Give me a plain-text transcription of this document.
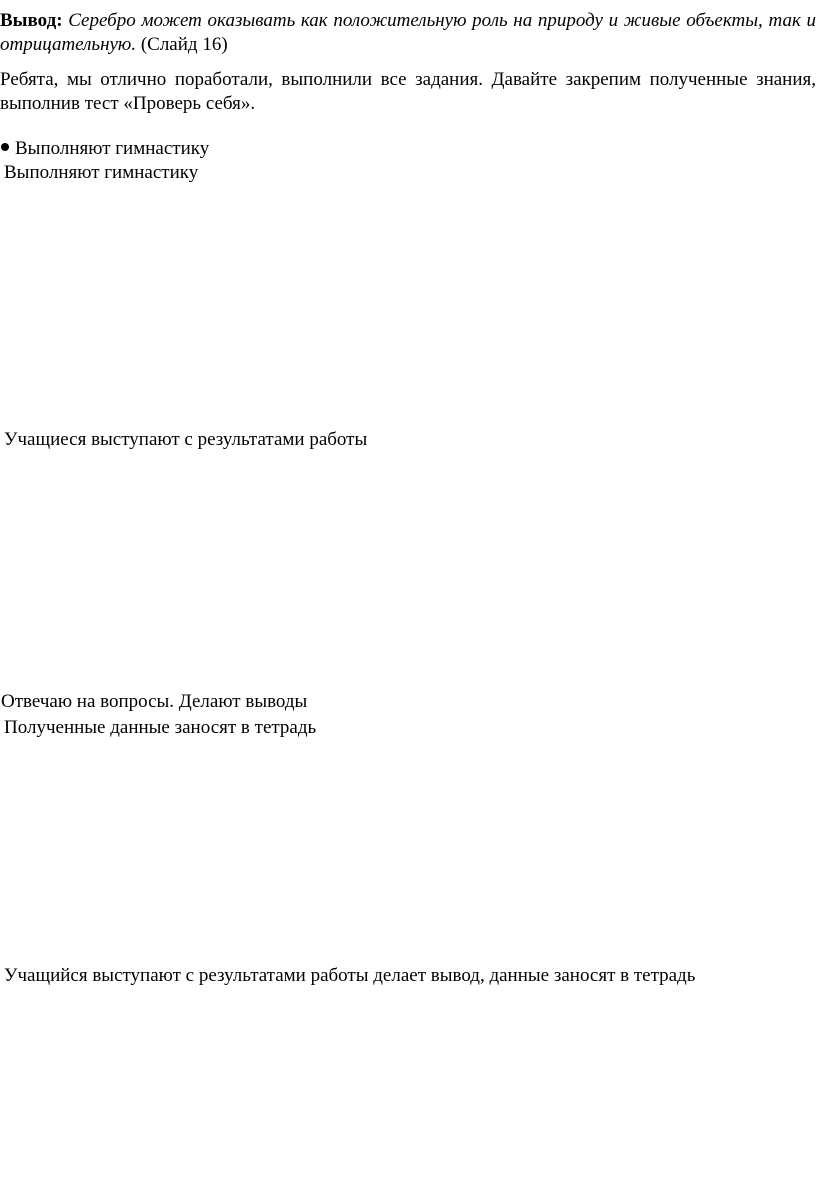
Вывод: Серебро может оказывать как положительную роль на природу и живые объекты, так и отрицательную. (Слайд 16)
Ребята, мы отлично поработали, выполнили все задания. Давайте закрепим полученные знания, выполнив тест «Проверь себя».
Выполняют гимнастику
Выполняют гимнастику
Учащиеся выступают с результатами работы
Отвечаю на вопросы. Делают выводы
Полученные данные заносят в тетрадь
Учащийся выступают с результатами работы делает вывод, данные заносят в тетрадь
